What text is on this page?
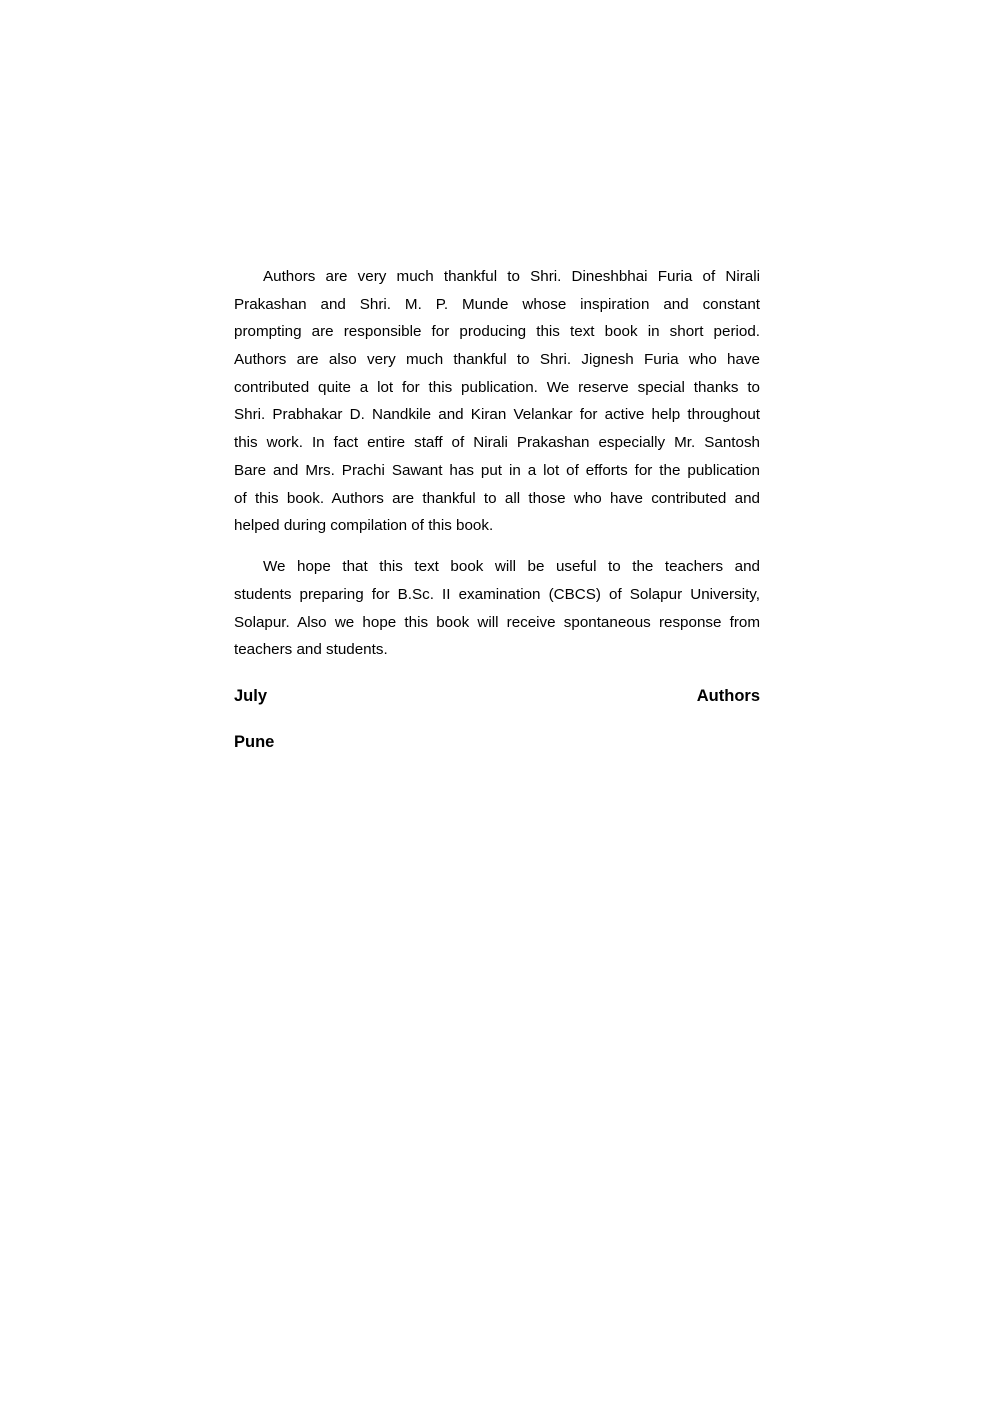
Authors are very much thankful to Shri. Dineshbhai Furia of Nirali
Prakashan and Shri. M. P. Munde whose inspiration and constant
prompting are responsible for producing this text book in short period.
Authors are also very much thankful to Shri. Jignesh Furia who have
contributed quite a lot for this publication. We reserve special thanks to
Shri. Prabhakar D. Nandkile and Kiran Velankar for active help throughout
this work. In fact entire staff of Nirali Prakashan especially Mr. Santosh
Bare and Mrs. Prachi Sawant has put in a lot of efforts for the publication
of this book. Authors are thankful to all those who have contributed and
helped during compilation of this book.
We hope that this text book will be useful to the teachers and
students preparing for B.Sc. II examination (CBCS) of Solapur University,
Solapur. Also we hope this book will receive spontaneous response from
teachers and students.
July	Authors
Pune
